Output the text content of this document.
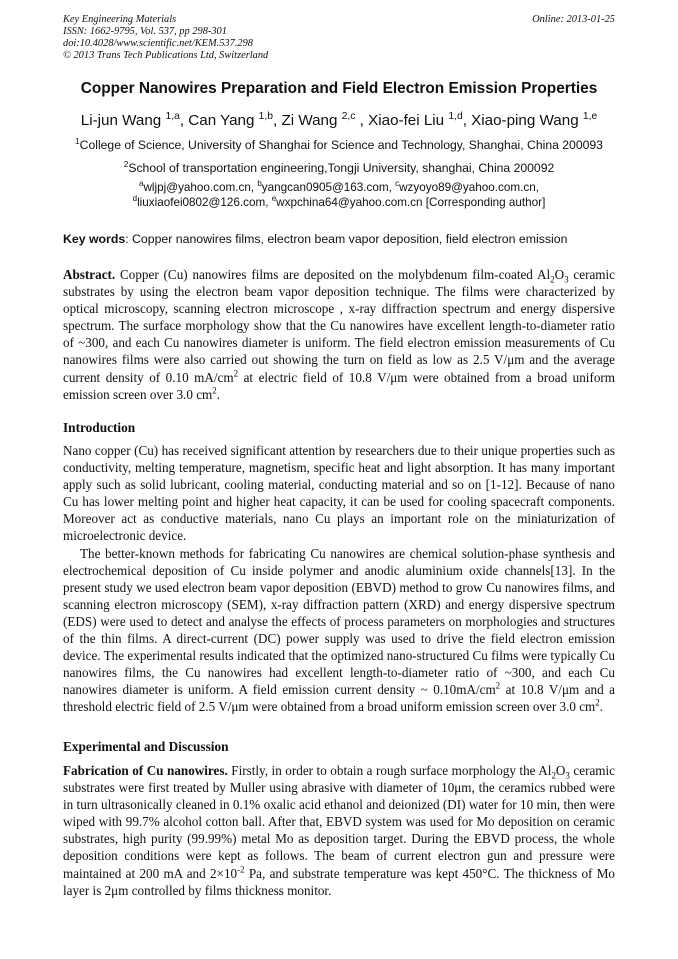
Key Engineering Materials
ISSN: 1662-9795, Vol. 537, pp 298-301
doi:10.4028/www.scientific.net/KEM.537.298
© 2013 Trans Tech Publications Ltd, Switzerland
Online: 2013-01-25
Copper Nanowires Preparation and Field Electron Emission Properties
Li-jun Wang $^{1,a}$, Can Yang $^{1,b}$, Zi Wang $^{2,c}$ , Xiao-fei Liu $^{1,d}$, Xiao-ping Wang $^{1,e}$
$^1$College of Science, University of Shanghai for Science and Technology, Shanghai, China 200093
$^2$School of transportation engineering,Tongji University, shanghai, China 200092
$^a$wljpj@yahoo.com.cn, $^b$yangcan0905@163.com, $^c$wzyoyo89@yahoo.com.cn,
$^d$liuxiaofei0802@126.com, $^e$wxpchina64@yahoo.com.cn [Corresponding author]
Key words: Copper nanowires films, electron beam vapor deposition, field electron emission

Abstract. Copper (Cu) nanowires films are deposited on the molybdenum film-coated $Al_2O_3$ ceramic substrates by using the electron beam vapor deposition technique. The films were characterized by optical microscopy, scanning electron microscope , x-ray diffraction spectrum and energy dispersive spectrum. The surface morphology show that the Cu nanowires have excellent length-to-diameter ratio of ~300, and each Cu nanowires diameter is uniform. The field electron emission measurements of Cu nanowires films were also carried out showing the turn on field as low as 2.5 V/μm and the average current density of 0.10 $mA/cm^2$ at electric field of 10.8 V/μm were obtained from a broad uniform emission screen over 3.0 $cm^2$.

Introduction

Nano copper (Cu) has received significant attention by researchers due to their unique properties such as conductivity, melting temperature, magnetism, specific heat and light absorption. It has many important apply such as solid lubricant, cooling material, conducting material and so on [1-12]. Because of nano Cu has lower melting point and higher heat capacity, it can be used for cooling spacecraft components. Moreover act as conductive materials, nano Cu plays an important role on the miniaturization of microelectronic device.

The better-known methods for fabricating Cu nanowires are chemical solution-phase synthesis and electrochemical deposition of Cu inside polymer and anodic aluminium oxide channels[13]. In the present study we used electron beam vapor deposition (EBVD) method to grow Cu nanowires films, and scanning electron microscopy (SEM), x-ray diffraction pattern (XRD) and energy dispersive spectrum (EDS) were used to detect and analyse the effects of process parameters on morphologies and structures of the thin films. A direct-current (DC) power supply was used to drive the field electron emission device. The experimental results indicated that the optimized nano-structured Cu films were typically Cu nanowires films, the Cu nanowires had excellent length-to-diameter ratio of ~300, and each Cu nanowires diameter is uniform. A field emission current density ~ $0.10mA/cm^2$ at 10.8 V/μm and a threshold electric field of 2.5 V/μm were obtained from a broad uniform emission screen over 3.0 $cm^2$.

Experimental and Discussion

Fabrication of Cu nanowires. Firstly, in order to obtain a rough surface morphology the $Al_2O_3$ ceramic substrates were first treated by Muller using abrasive with diameter of 10μm, the ceramics rubbed were in turn ultrasonically cleaned in 0.1% oxalic acid ethanol and deionized (DI) water for 10 min, then were wiped with 99.7% alcohol cotton ball. After that, EBVD system was used for Mo deposition on ceramic substrates, high purity (99.99%) metal Mo as deposition target. During the EBVD process, the whole deposition conditions were kept as follows. The beam of current electron gun and pressure were maintained at 200 mA and $2\times 10^{-2}$ Pa, and substrate temperature was kept 450°C. The thickness of Mo layer is 2μm controlled by films thickness monitor.
